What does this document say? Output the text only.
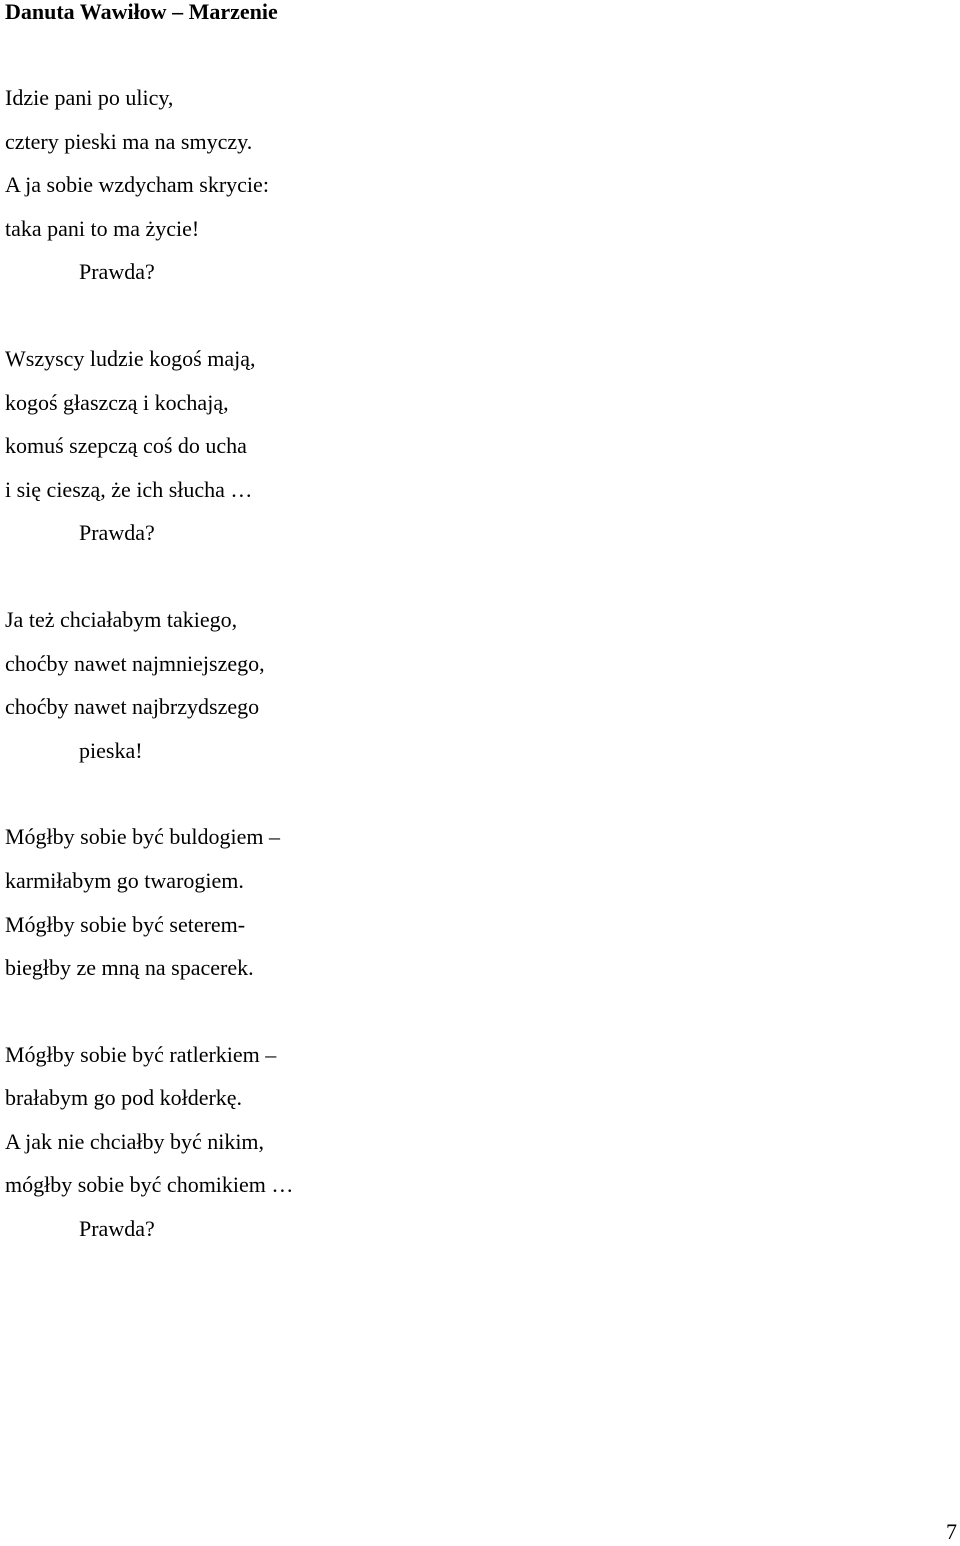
Danuta Wawiłow – Marzenie
Idzie pani po ulicy,
cztery pieski ma na smyczy.
A ja sobie wzdycham skrycie:
taka pani to ma życie!
Prawda?
Wszyscy ludzie kogoś mają,
kogoś głaszczą i kochają,
komuś szepczą coś do ucha
i się cieszą, że ich słucha …
Prawda?
Ja też chciałabym takiego,
choćby nawet najmniejszego,
choćby nawet najbrzydszego
pieska!
Mógłby sobie być buldogiem –
karmiłabym go twarogiem.
Mógłby sobie być seterem-
biegłby ze mną na spacerek.
Mógłby sobie być ratlerkiem –
brałabym go pod kołderkę.
A jak nie chciałby być nikim,
mógłby sobie być chomikiem …
Prawda?
7
